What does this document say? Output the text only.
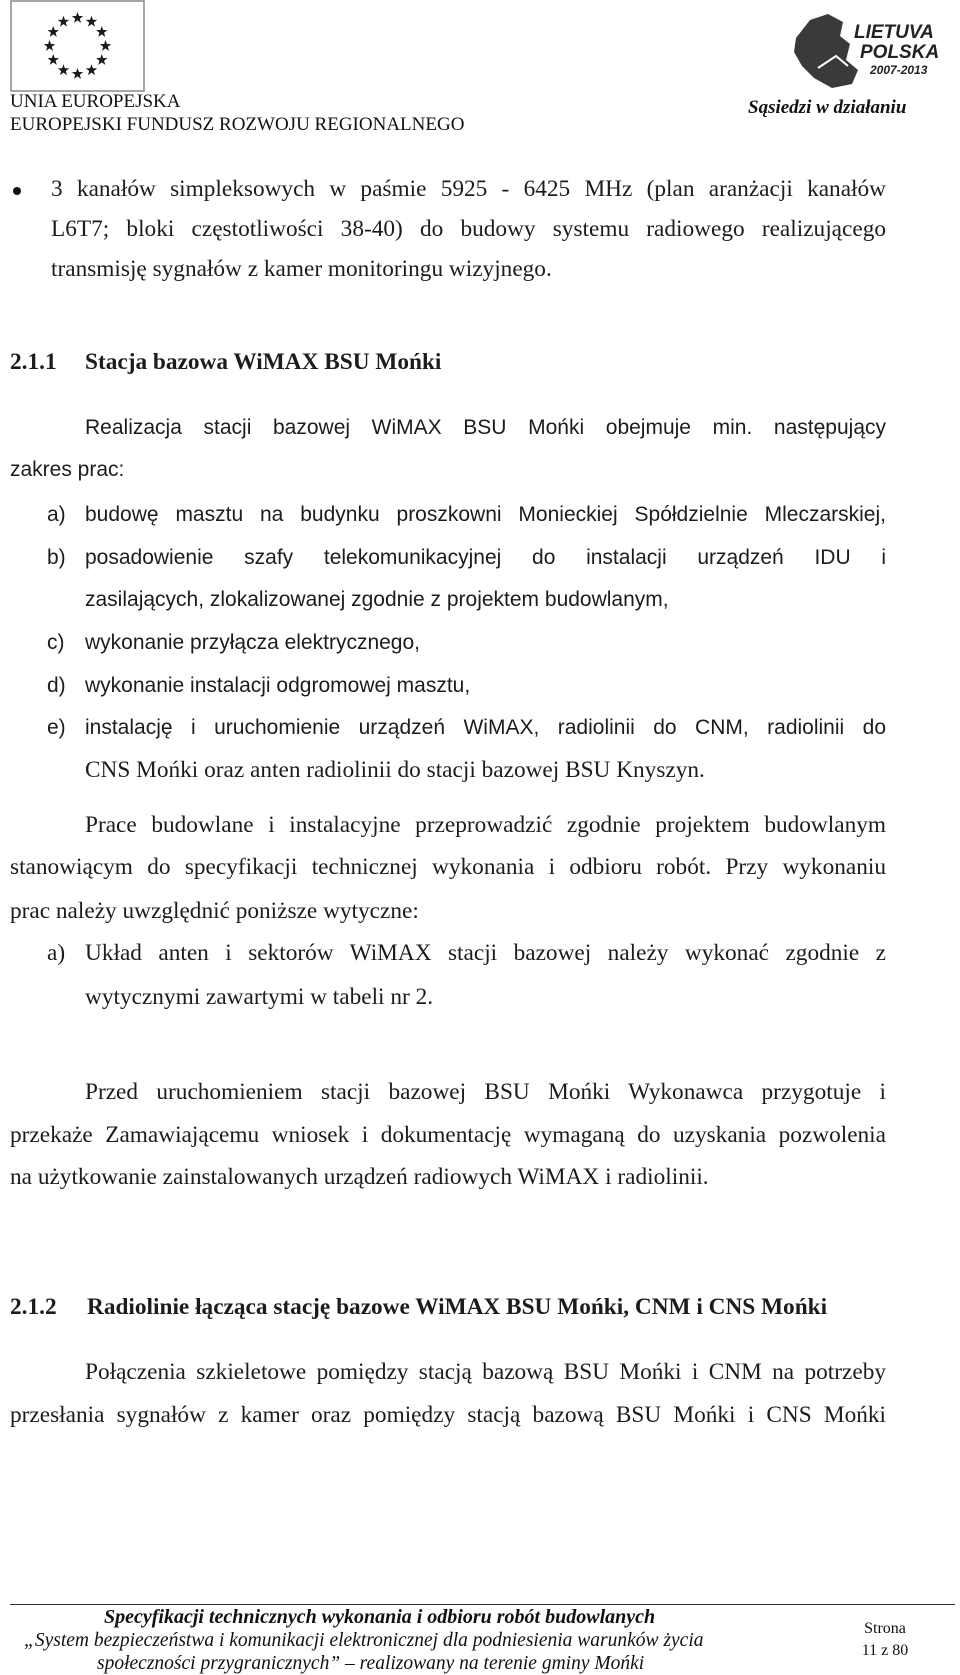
UNIA EUROPEJSKA
EUROPEJSKI FUNDUSZ ROZWOJU REGIONALNEGO
LIETUVA
POLSKA
2007-2013
Sąsiedzi w działaniu
3 kanałów simpleksowych w paśmie 5925 - 6425 MHz (plan aranżacji kanałów
L6T7; bloki częstotliwości 38-40) do budowy systemu radiowego realizującego
transmisję sygnałów z kamer monitoringu wizyjnego.
2.1.1 Stacja bazowa WiMAX BSU Mońki
Realizacja stacji bazowej WiMAX BSU Mońki obejmuje min. następujący
zakres prac:
a) budowę masztu na budynku proszkowni Monieckiej Spółdzielnie Mleczarskiej,
b) posadowienie szafy telekomunikacyjnej do instalacji urządzeń IDU i
zasilających, zlokalizowanej zgodnie z projektem budowlanym,
c) wykonanie przyłącza elektrycznego,
d) wykonanie instalacji odgromowej masztu,
e) instalację i uruchomienie urządzeń WiMAX, radiolinii do CNM, radiolinii do
CNS Mońki oraz anten radiolinii do stacji bazowej BSU Knyszyn.
Prace budowlane i instalacyjne przeprowadzić zgodnie projektem budowlanym
stanowiącym do specyfikacji technicznej wykonania i odbioru robót. Przy wykonaniu
prac należy uwzględnić poniższe wytyczne:
a) Układ anten i sektorów WiMAX stacji bazowej należy wykonać zgodnie z
wytycznymi zawartymi w tabeli nr 2.
Przed uruchomieniem stacji bazowej BSU Mońki Wykonawca przygotuje i
przekaże Zamawiającemu wniosek i dokumentację wymaganą do uzyskania pozwolenia
na użytkowanie zainstalowanych urządzeń radiowych WiMAX i radiolinii.
2.1.2 Radiolinie łącząca stację bazowe WiMAX BSU Mońki, CNM i CNS Mońki
Połączenia szkieletowe pomiędzy stacją bazową BSU Mońki i CNM na potrzeby
przesłania sygnałów z kamer oraz pomiędzy stacją bazową BSU Mońki i CNS Mońki
Specyfikacji technicznych wykonania i odbioru robót budowlanych
„System bezpieczeństwa i komunikacji elektronicznej dla podniesienia warunków życia
społeczności przygranicznych” – realizowany na terenie gminy Mońki
Strona
11 z 80
